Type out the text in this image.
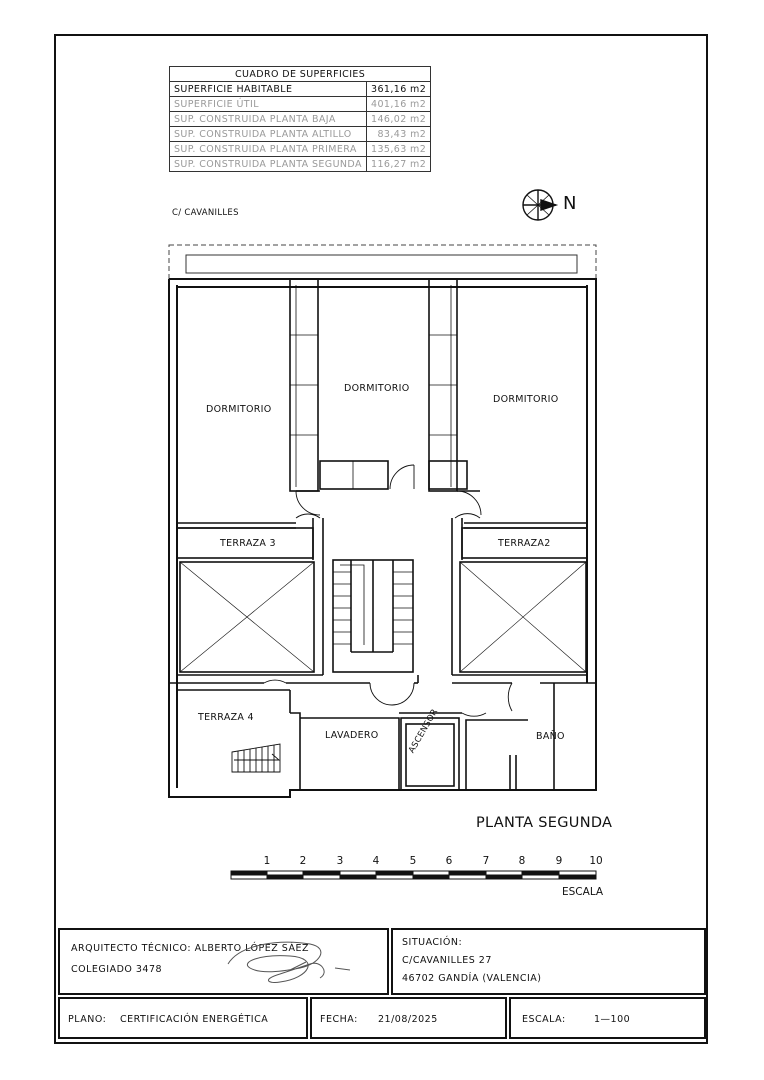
CUADRO DE SUPERFICIES	
SUPERFICIE HABITABLE	361,16 m2
SUPERFICIE ÚTIL	401,16 m2
SUP. CONSTRUIDA PLANTA BAJA	146,02 m2
SUP. CONSTRUIDA PLANTA ALTILLO	83,43 m2
SUP. CONSTRUIDA PLANTA PRIMERA	135,63 m2
SUP. CONSTRUIDA PLANTA SEGUNDA	116,27 m2
C/ CAVANILLES	N
DORMITORIO
DORMITORIO
DORMITORIO
TERRAZA 3	TERRAZA2
TERRAZA 4
LAVADERO	ASCENSOR	BAÑO
PLANTA SEGUNDA
1	2	3	4	5	6	7	8	9	10
ESCALA
ARQUITECTO TÉCNICO: ALBERTO LÓPEZ SÁEZ
COLEGIADO 3478
SITUACIÓN:
C/CAVANILLES 27
46702 GANDÍA (VALENCIA)
PLANO: CERTIFICACIÓN ENERGÉTICA	FECHA: 21/08/2025	ESCALA:	1—100
